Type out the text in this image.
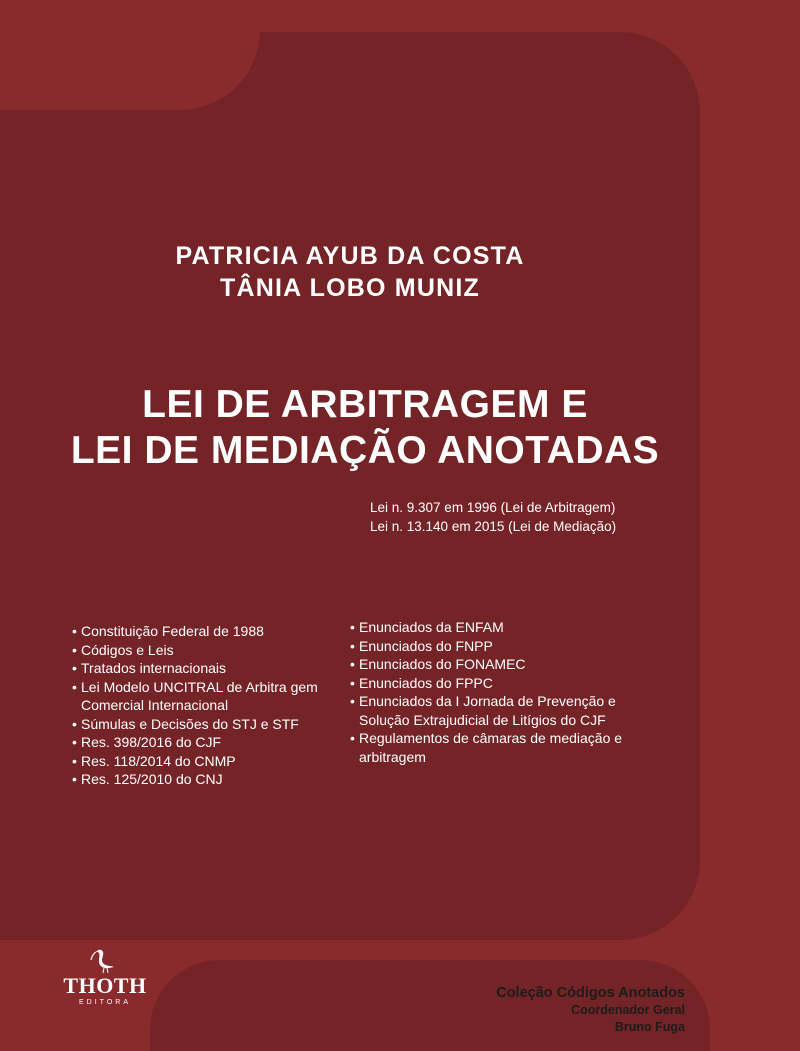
PATRICIA AYUB DA COSTA
TÂNIA LOBO MUNIZ
LEI DE ARBITRAGEM E
LEI DE MEDIAÇÃO ANOTADAS
Lei n. 9.307 em 1996 (Lei de Arbitragem)
Lei n. 13.140 em 2015 (Lei de Mediação)
• Constituição Federal de 1988
• Códigos e Leis
• Tratados internacionais
• Lei Modelo UNCITRAL de Arbitra gem Comercial Internacional
• Súmulas e Decisões do STJ e STF
• Res. 398/2016 do CJF
• Res. 118/2014 do CNMP
• Res. 125/2010 do CNJ
• Enunciados da ENFAM
• Enunciados do FNPP
• Enunciados do FONAMEC
• Enunciados do FPPC
• Enunciados da I Jornada de Prevenção e Solução Extrajudicial de Litígios do CJF
• Regulamentos de câmaras de mediação e arbitragem
THOTH
EDITORA
Coleção Códigos Anotados
Coordenador Geral
Bruno Fuga
